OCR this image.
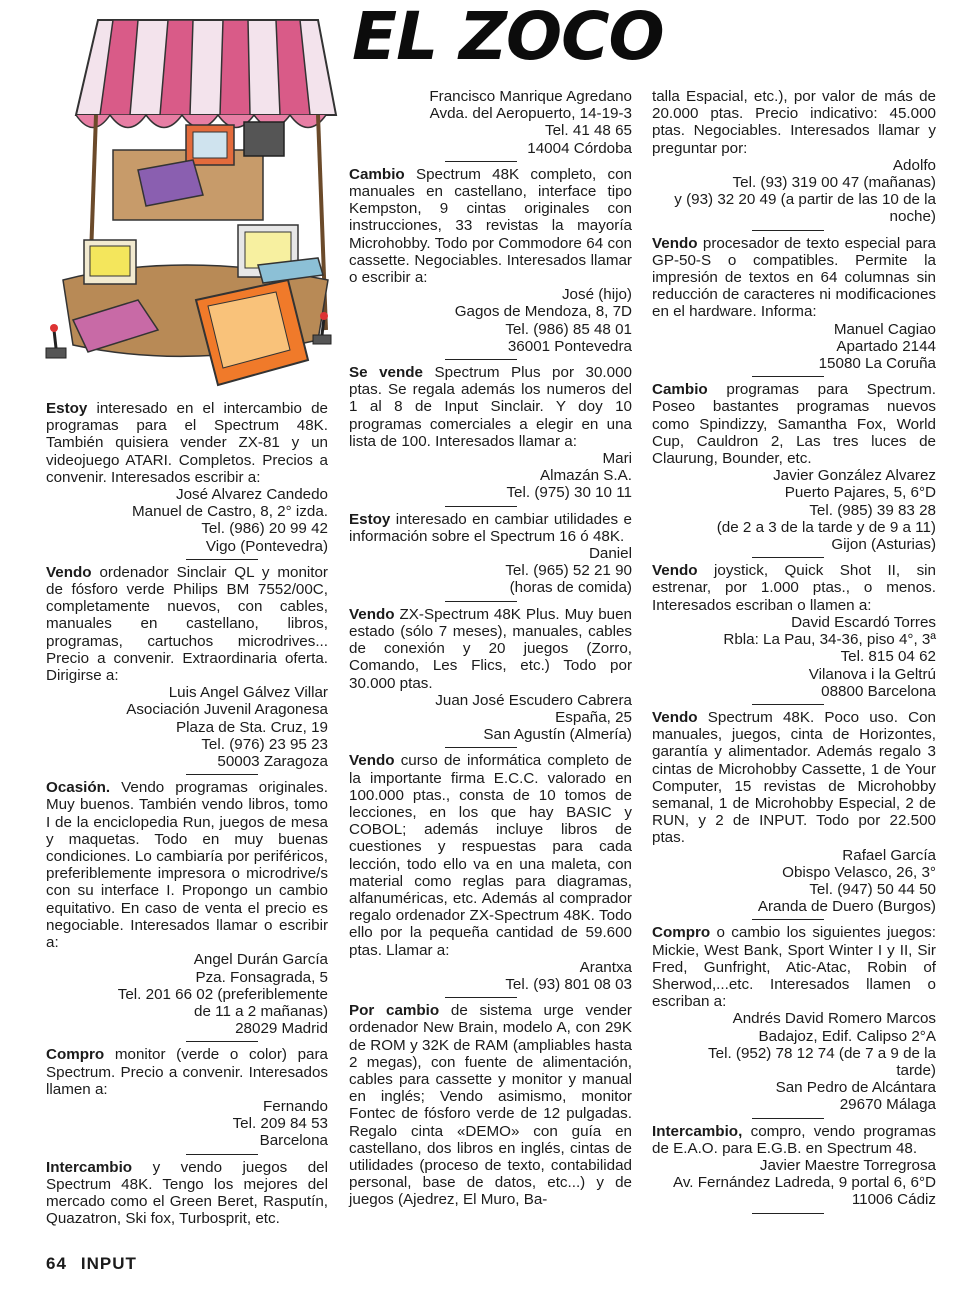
EL ZOCO

Estoy interesado en el intercambio de programas para el Spectrum 48K. También quisiera vender ZX-81 y un videojuego ATARI. Completos. Precios a convenir. Interesados escribir a:

José Alvarez Candedo
Manuel de Castro, 8, 2° izda.
Tel. (986) 20 99 42
Vigo (Pontevedra)

Vendo ordenador Sinclair QL y monitor de fósforo verde Philips BM 7552/00C, completamente nuevos, con cables, manuales en castellano, libros, programas, cartuchos microdrives... Precio a convenir. Extraordinaria oferta. Dirigirse a:

Luis Angel Gálvez Villar
Asociación Juvenil Aragonesa
Plaza de Sta. Cruz, 19
Tel. (976) 23 95 23
50003 Zaragoza

Ocasión. Vendo programas originales. Muy buenos. También vendo libros, tomo I de la enciclopedia Run, juegos de mesa y maquetas. Todo en muy buenas condiciones. Lo cambiaría por periféricos, preferiblemente impresora o microdrive/s con su interface I. Propongo un cambio equitativo. En caso de venta el precio es negociable. Interesados llamar o escribir a:

Angel Durán García
Pza. Fonsagrada, 5
Tel. 201 66 02 (preferiblemente
de 11 a 2 mañanas)
28029 Madrid

Compro monitor (verde o color) para Spectrum. Precio a convenir. Interesados llamen a:

Fernando
Tel. 209 84 53
Barcelona

Intercambio y vendo juegos del Spectrum 48K. Tengo los mejores del mercado como el Green Beret, Rasputín, Quazatron, Ski fox, Turbosprit, etc.

Francisco Manrique Agredano
Avda. del Aeropuerto, 14-19-3
Tel. 41 48 65
14004 Córdoba

Cambio Spectrum 48K completo, con manuales en castellano, interface tipo Kempston, 9 cintas originales con instrucciones, 33 revistas la mayoría Microhobby. Todo por Commodore 64 con cassette. Negociables. Interesados llamar o escribir a:

José (hijo)
Gagos de Mendoza, 8, 7D
Tel. (986) 85 48 01
36001 Pontevedra

Se vende Spectrum Plus por 30.000 ptas. Se regala además los numeros del 1 al 8 de Input Sinclair. Y doy 10 programas comerciales a elegir en una lista de 100. Interesados llamar a:

Mari
Almazán S.A.
Tel. (975) 30 10 11

Estoy interesado en cambiar utilidades e información sobre el Spectrum 16 ó 48K.

Daniel
Tel. (965) 52 21 90
(horas de comida)

Vendo ZX-Spectrum 48K Plus. Muy buen estado (sólo 7 meses), manuales, cables de conexión y 20 juegos (Zorro, Comando, Les Flics, etc.) Todo por 30.000 ptas.

Juan José Escudero Cabrera
España, 25
San Agustín (Almería)

Vendo curso de informática completo de la importante firma E.C.C. valorado en 100.000 ptas., consta de 10 tomos de lecciones, en los que hay BASIC y COBOL; además incluye libros de cuestiones y respuestas para cada lección, todo ello va en una maleta, con material como reglas para diagramas, alfanuméricas, etc. Además al comprador regalo ordenador ZX-Spectrum 48K. Todo ello por la pequeña cantidad de 59.600 ptas. Llamar a:

Arantxa
Tel. (93) 801 08 03

Por cambio de sistema urge vender ordenador New Brain, modelo A, con 29K de ROM y 32K de RAM (ampliables hasta 2 megas), con fuente de alimentación, cables para cassette y monitor y manual en inglés; Vendo asimismo, monitor Fontec de fósforo verde de 12 pulgadas. Regalo cinta «DEMO» con guía en castellano, dos libros en inglés, cintas de utilidades (proceso de texto, contabilidad personal, base de datos, etc...) y de juegos (Ajedrez, El Muro, Ba-

talla Espacial, etc.), por valor de más de 20.000 ptas. Precio indicativo: 45.000 ptas. Negociables. Interesados llamar y preguntar por:

Adolfo
Tel. (93) 319 00 47 (mañanas)
y (93) 32 20 49 (a partir de las 10 de la
noche)

Vendo procesador de texto especial para GP-50-S o compatibles. Permite la impresión de textos en 64 columnas sin reducción de caracteres ni modificaciones en el hardware. Informa:

Manuel Cagiao
Apartado 2144
15080 La Coruña

Cambio programas para Spectrum. Poseo bastantes programas nuevos como Spindizzy, Samantha Fox, World Cup, Cauldron 2, Las tres luces de Claurung, Bounder, etc.

Javier González Alvarez
Puerto Pajares, 5, 6°D
Tel. (985) 39 83 28
(de 2 a 3 de la tarde y de 9 a 11)
Gijon (Asturias)

Vendo joystick, Quick Shot II, sin estrenar, por 1.000 ptas., o menos. Interesados escriban o llamen a:

David Escardó Torres
Rbla: La Pau, 34-36, piso 4°, 3ª
Tel. 815 04 62
Vilanova i la Geltrú
08800 Barcelona

Vendo Spectrum 48K. Poco uso. Con manuales, juegos, cinta de Horizontes, garantía y alimentador. Además regalo 3 cintas de Microhobby Cassette, 1 de Your Computer, 15 revistas de Microhobby semanal, 1 de Microhobby Especial, 2 de RUN, y 2 de INPUT. Todo por 22.500 ptas.

Rafael García
Obispo Velasco, 26, 3°
Tel. (947) 50 44 50
Aranda de Duero (Burgos)

Compro o cambio los siguientes juegos: Mickie, West Bank, Sport Winter I y II, Sir Fred, Gunfright, Atic-Atac, Robin of Sherwod,...etc. Interesados llamen o escriban a:

Andrés David Romero Marcos
Badajoz, Edif. Calipso 2°A
Tel. (952) 78 12 74 (de 7 a 9 de la
tarde)
San Pedro de Alcántara
29670 Málaga

Intercambio, compro, vendo programas de E.A.O. para E.G.B. en Spectrum 48.

Javier Maestre Torregrosa
Av. Fernández Ladreda, 9 portal 6, 6°D
11006 Cádiz
64 INPUT
